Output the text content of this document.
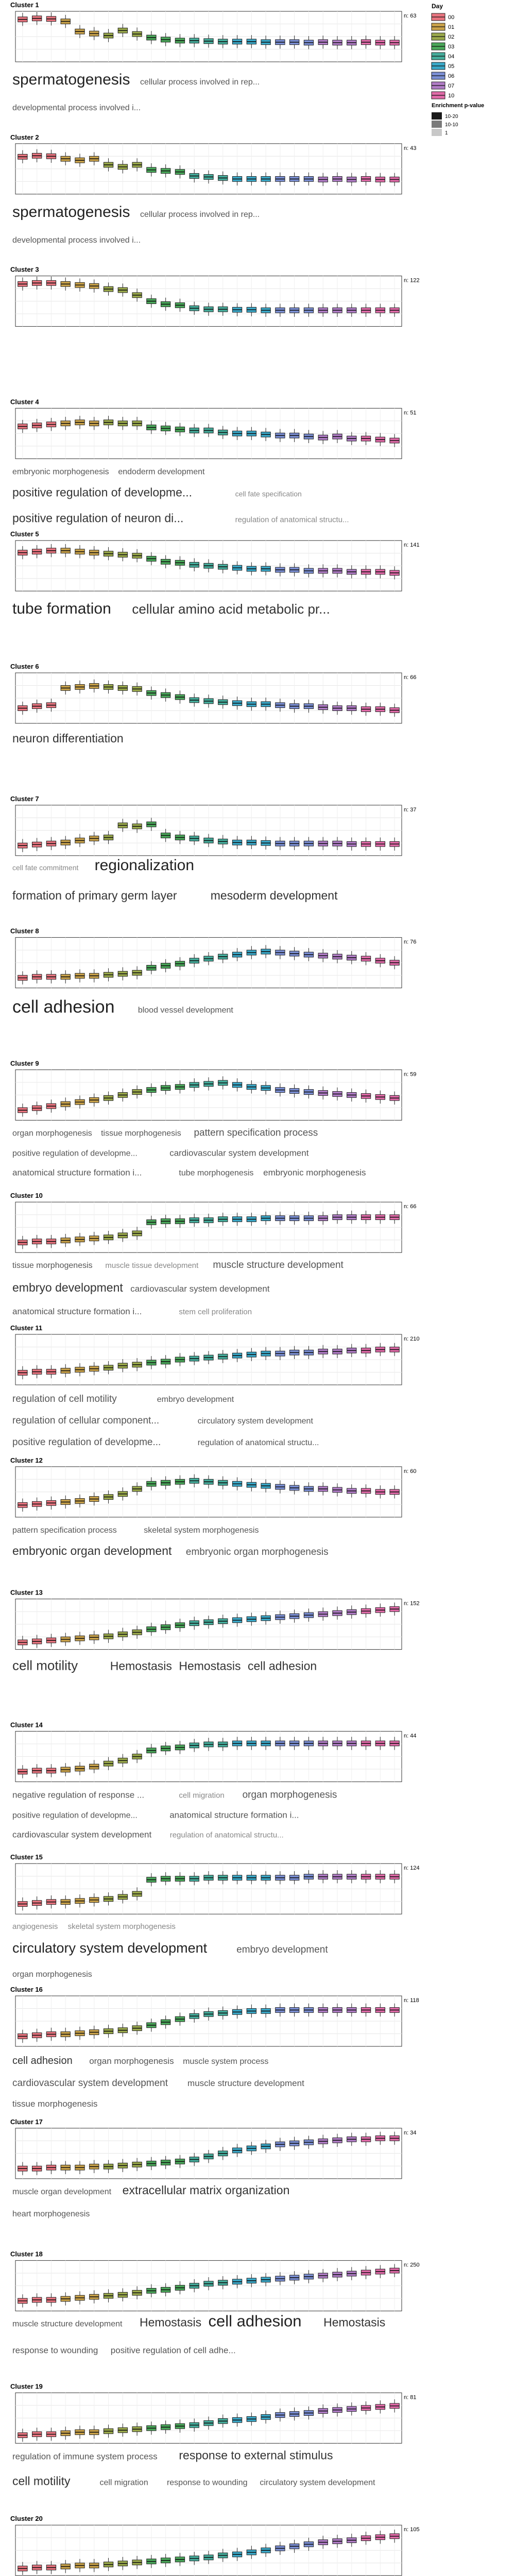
Cluster 1
n: 63
spermatogenesis cellular process involved in rep...
developmental process involved i...
Cluster 2
n: 43
spermatogenesis cellular process involved in rep...
developmental process involved i...
Cluster 3
n: 122
Cluster 4
n: 51
embryonic morphogenesis endoderm development
positive regulation of developme...	cell fate specification
positive regulation of neuron di...	regulation of anatomical structu...
Cluster 5
n: 141
tube formation cellular amino acid metabolic pr...
Cluster 6
n: 66
neuron differentiation
Cluster 7
n: 37
cell fate commitment regionalization
formation of primary germ layer	mesoderm development
Cluster 8
n: 76
cell adhesion	blood vessel development
Cluster 9
n: 59
organ morphogenesis tissue morphogenesis pattern specification process
positive regulation of developme...	cardiovascular system development
anatomical structure formation i...	tube morphogenesis embryonic morphogenesis
Cluster 10
n: 66
tissue morphogenesis muscle tissue development muscle structure development
embryo development cardiovascular system development
anatomical structure formation i...	stem cell proliferation
Cluster 11
n: 210
regulation of cell motility	embryo development
regulation of cellular component...	circulatory system development
positive regulation of developme...	regulation of anatomical structu...
Cluster 12
n: 60
pattern specification process	skeletal system morphogenesis
embryonic organ development embryonic organ morphogenesis
Cluster 13
n: 152
cell motility	Hemostasis Hemostasis cell adhesion
Cluster 14
n: 44
negative regulation of response ...	cell migration organ morphogenesis
positive regulation of developme...	anatomical structure formation i...
cardiovascular system development regulation of anatomical structu...
Cluster 15
n: 124
angiogenesis skeletal system morphogenesis
circulatory system development	embryo development
organ morphogenesis
Cluster 16
n: 118
cell adhesion organ morphogenesis muscle system process
cardiovascular system development muscle structure development
tissue morphogenesis
Cluster 17
n: 34
muscle organ development extracellular matrix organization
heart morphogenesis
Cluster 18
n: 250
muscle structure development Hemostasis cell adhesion Hemostasis
response to wounding positive regulation of cell adhe...
Cluster 19
n: 81
regulation of immune system process response to external stimulus
cell motility	cell migration response to wounding circulatory system development
Cluster 20
n: 105
Day
00
01
02
03
04
05
06
07
10
Enrichment p-value
10-20
10-10
1
